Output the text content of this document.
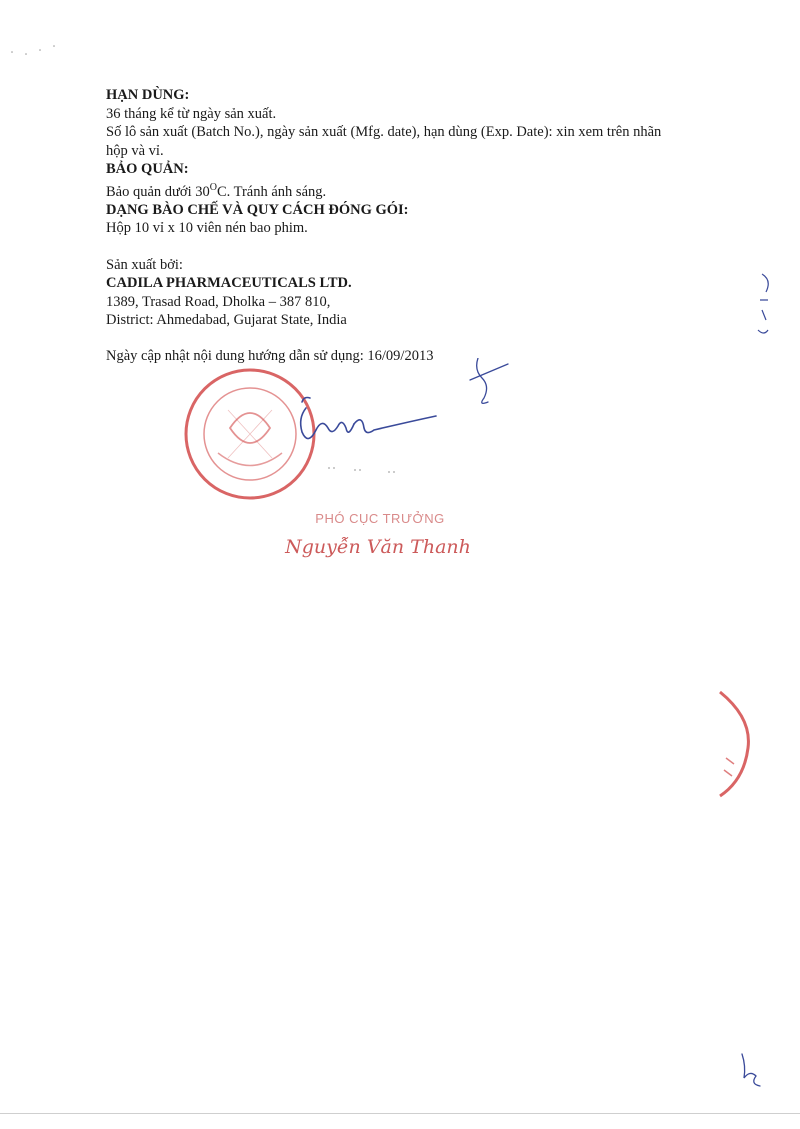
HẠN DÙNG:

36 tháng kể từ ngày sản xuất.

Số lô sản xuất (Batch No.), ngày sản xuất (Mfg. date), hạn dùng (Exp. Date): xin xem trên nhãn

hộp và vỉ.

BẢO QUẢN:

Bảo quản dưới $30^OC$. Tránh ánh sáng.

DẠNG BÀO CHẾ VÀ QUY CÁCH ĐÓNG GÓI:

Hộp 10 vỉ x 10 viên nén bao phim.

Sản xuất bởi:

CADILA PHARMACEUTICALS LTD.

1389, Trasad Road, Dholka – 387 810,

District: Ahmedabad, Gujarat State, India

Ngày cập nhật nội dung hướng dẫn sử dụng: 16/09/2013

PHÓ CỤC TRƯỞNG
Nguyễn Văn Thanh
